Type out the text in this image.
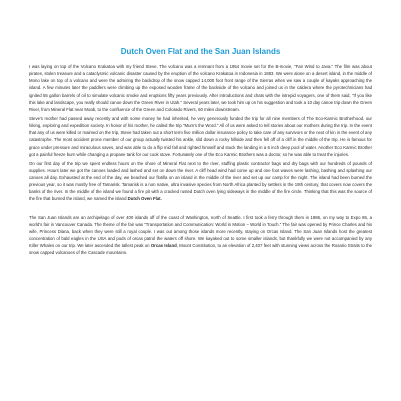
Dutch Oven Flat and the San Juan Islands

I was laying on top of the Volcano Krakatoa with my friend Steve. The volcano was a remnant from a 1954 movie set for the B-movie, "Fair Wind to Java." The film was about pirates, stolen treasure and a cataclysmic volcanic disaster caused by the eruption of the volcano Krakatoa in Indonesia in 1883. We were alone on a desert island, in the middle of Mono lake on top of a volcano and were the admiring the backdrop of the snow capped 14,000 foot front range of the Sierras when we saw a couple of kayaks approaching the island. A few minutes later the paddlers were climbing up the exposed wooden frame of the backside of the volcano and joined us in the caldera where the pyrotechnicians had ignited 55 gallon barrels of oil to simulate volcanic smoke and eruptions fifty years previously. After introductions and chats with the intrepid voyagers, one of them said, "If you like this lake and landscape, you really should canoe down the Green River in Utah." Several years later, we took him up on his suggestion and took a 10 day canoe trip down the Green River, from Mineral Flat near Moab, to the confluence of the Green and Colorado Rivers, 60 miles downstream.

Steve's mother had passed away recently and with some money he had inherited, he very generously funded the trip for all nine members of The Eco-Karmic Brotherhood, our hiking, exploring and expedition society. In honor of his mother, he called the trip "Mum's the Word." All of us were asked to tell stories about our mothers during the trip. In the event that any of us were killed or maimed on the trip, Steve had taken out a short term five million dollar insurance policy to take care of any survivors or the next of kin in the event of any catastrophe. The most accident prone member of our group actually twisted his ankle, slid down a rocky hillside and then fell off of a cliff in the middle of the trip. He is famous for grace under pressure and miraculous saves, and was able to do a flip mid fall and righted himself and stuck the landing in a 6 inch deep pool of water. Another Eco Karmic Brother got a painful freeze burn while changing a propane tank for our cook stove. Fortunately one of the Eco Karmic Brothers was a doctor, so he was able to treat the injuries.

On our first day of the trip we spent endless hours on the shore of Mineral Flat next to the river, stuffing plastic contractor bags and dry bags with our hundreds of pounds of supplies. Hours later we got the canoes loaded and lashed and set on down the river. A cliff head wind had come up and one foot waves were lashing, bashing and splashing our canoes all day. Exhausted at the end of the day, we beached our flotilla on an island in the middle of the river and set up our camp for the night. The island had been burned the previous year, so it was mostly free of Tamarisk. Tamarisk is a non native, ultra invasive species from North Africa planted by settlers in the 19th century, that covers now covers the banks of the river. In the middle of the island we found a fire pit with a cracked rusted Dutch oven lying sideways in the middle of the fire circle. Thinking that this was the source of the fire that burned the island, we named the island Dutch Oven Flat.

The San Juan Islands are an archipelago of over 400 islands off of the coast of Washington, north of Seattle. I first took a ferry through them in 1986, on my way to Expo 86, a world's fair in Vancouver Canada. The theme of the fair was "Transportation and Communication: World in Motion – World in Touch." The fair was opened by Prince Charles and his wife, Princess Diana, back when they were still a royal couple. I was out among those islands more recently, staying on Orcas Island. The San Juan Islands host the greatest concentration of bald eagles in the USA and pods of orcas patrol the waters off shore. We kayaked out to some smaller islands, but thankfully we were not accompanied by any Killer Whales on our trip. We later ascended the tallest peak on Orcas Island, Mount Constitution, to an elevation of 2,407 feet with stunning views across the Rosario Straits to the snow capped volcanoes of the Cascade mountains.
